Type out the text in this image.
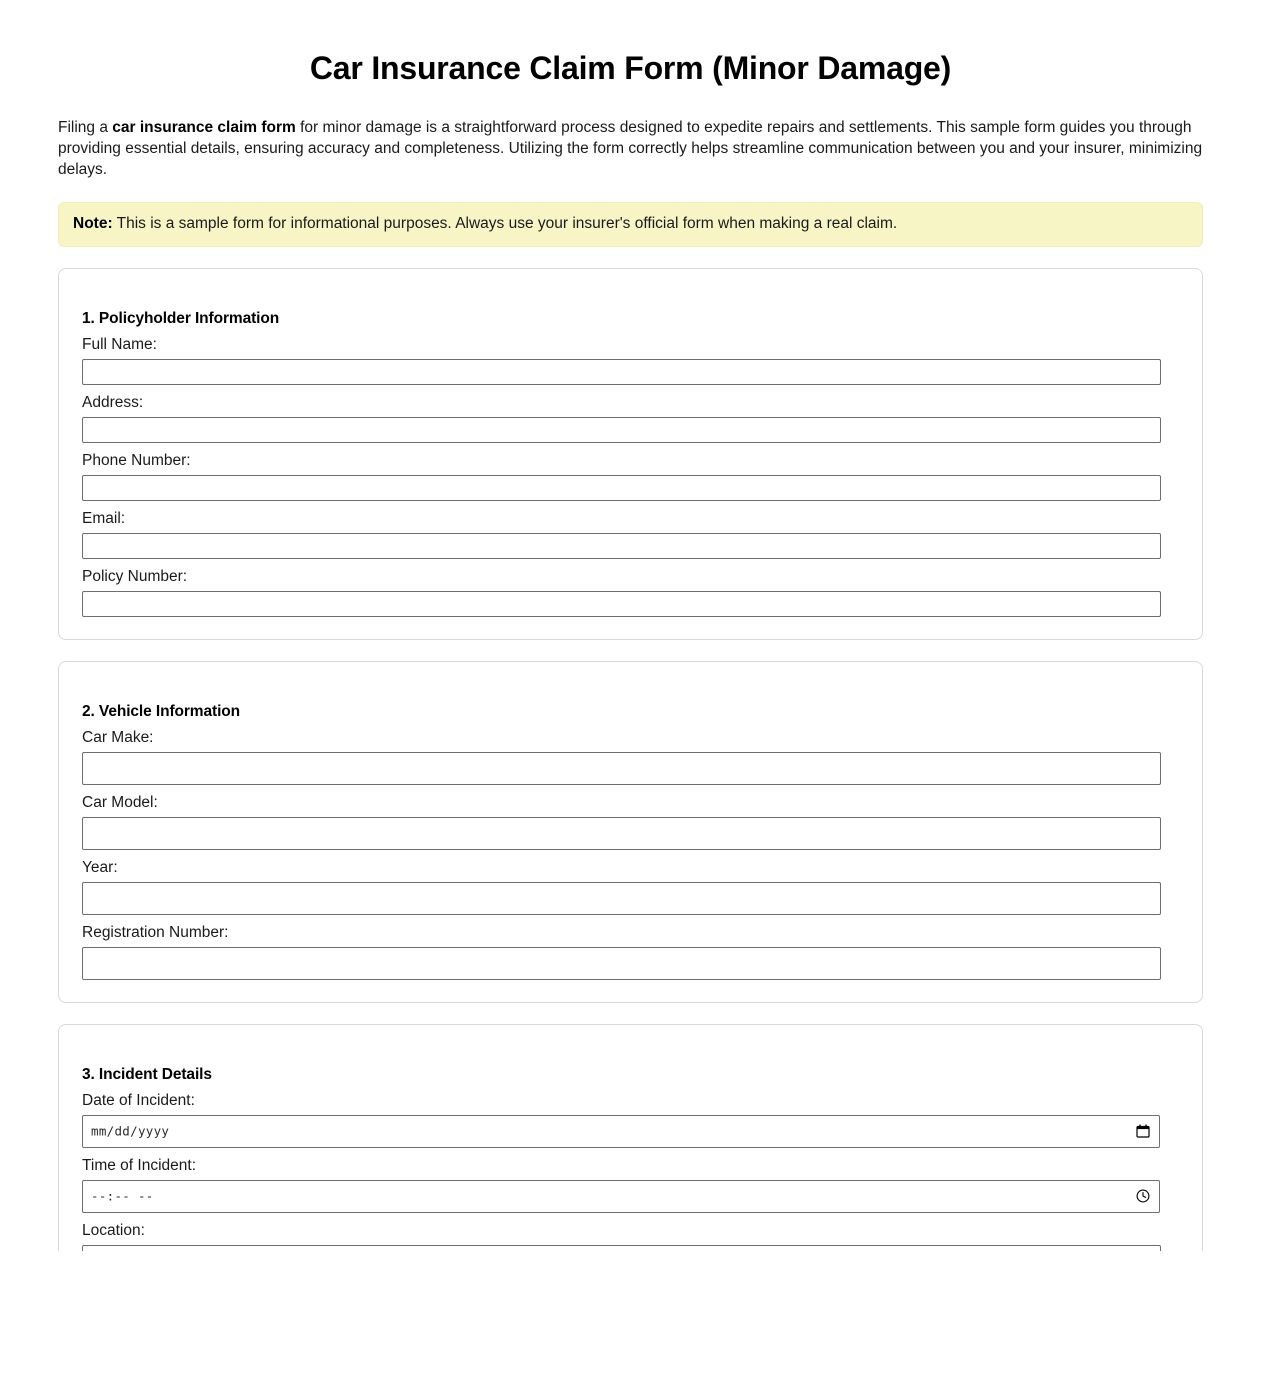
Car Insurance Claim Form (Minor Damage)

Filing a car insurance claim form for minor damage is a straightforward process designed to expedite repairs and settlements. This sample form guides you through providing essential details, ensuring accuracy and completeness. Utilizing the form correctly helps streamline communication between you and your insurer, minimizing delays.

Note: This is a sample form for informational purposes. Always use your insurer's official form when making a real claim.
1. Policyholder Information
Full Name:
Address:
Phone Number:
Email:
Policy Number:
2. Vehicle Information
Car Make:
Car Model:
Year:
Registration Number:
3. Incident Details
Date of Incident:
mm/dd/yyyy
Time of Incident:
--:-- --
Location:
